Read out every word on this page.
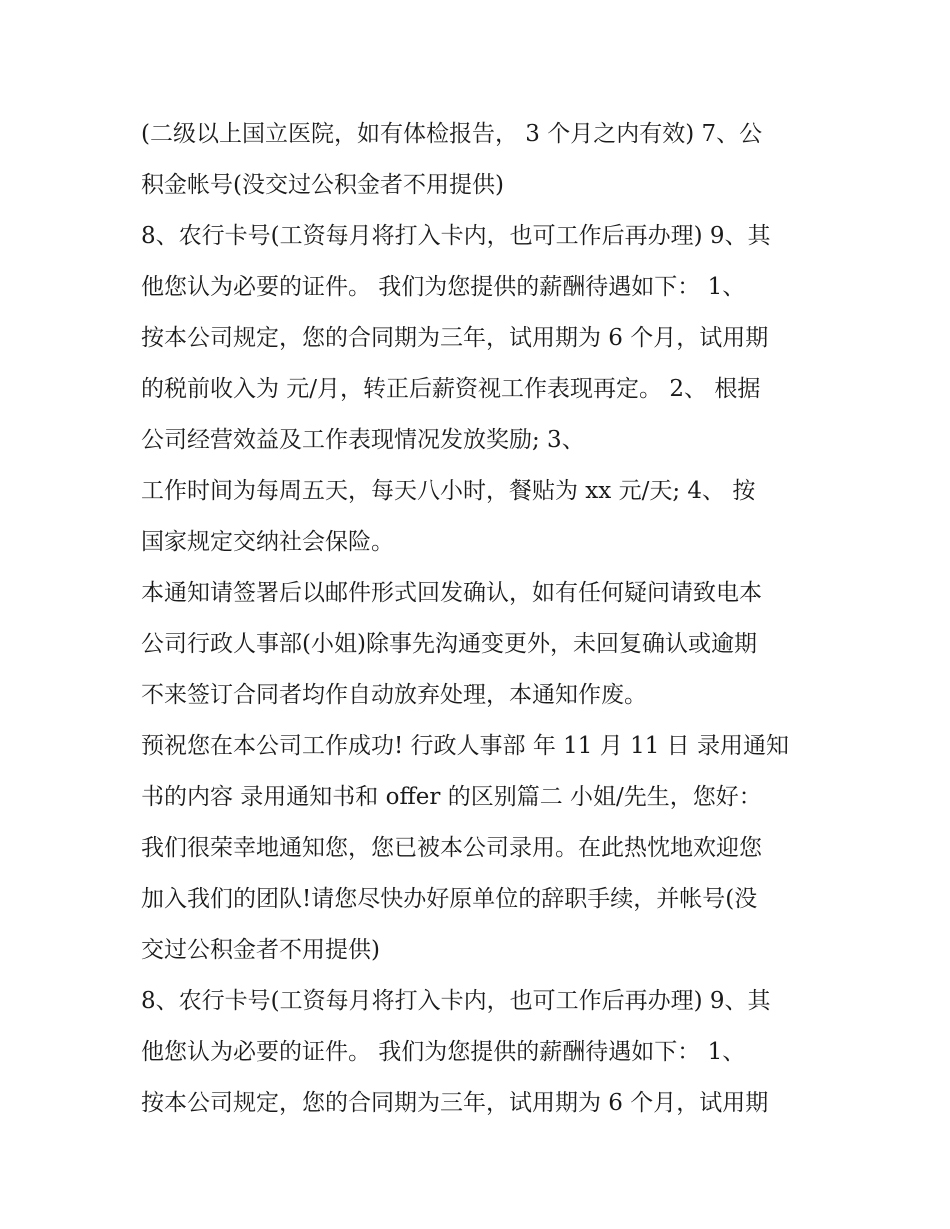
(二级以上国立医院，如有体检报告， 3 个月之内有效) 7、公
积金帐号(没交过公积金者不用提供)
8、农行卡号(工资每月将打入卡内，也可工作后再办理) 9、其
他您认为必要的证件。 我们为您提供的薪酬待遇如下： 1、
按本公司规定，您的合同期为三年，试用期为 6 个月，试用期
的税前收入为 元/月，转正后薪资视工作表现再定。 2、 根据
公司经营效益及工作表现情况发放奖励; 3、
工作时间为每周五天，每天八小时，餐贴为 xx 元/天; 4、 按
国家规定交纳社会保险。
本通知请签署后以邮件形式回发确认，如有任何疑问请致电本
公司行政人事部(小姐)除事先沟通变更外，未回复确认或逾期
不来签订合同者均作自动放弃处理，本通知作废。
预祝您在本公司工作成功! 行政人事部 年 11 月 11 日 录用通知
书的内容 录用通知书和 offer 的区别篇二 小姐/先生，您好：
我们很荣幸地通知您，您已被本公司录用。在此热忱地欢迎您
加入我们的团队!请您尽快办好原单位的辞职手续，并帐号(没
交过公积金者不用提供)
8、农行卡号(工资每月将打入卡内，也可工作后再办理) 9、其
他您认为必要的证件。 我们为您提供的薪酬待遇如下： 1、
按本公司规定，您的合同期为三年，试用期为 6 个月，试用期
